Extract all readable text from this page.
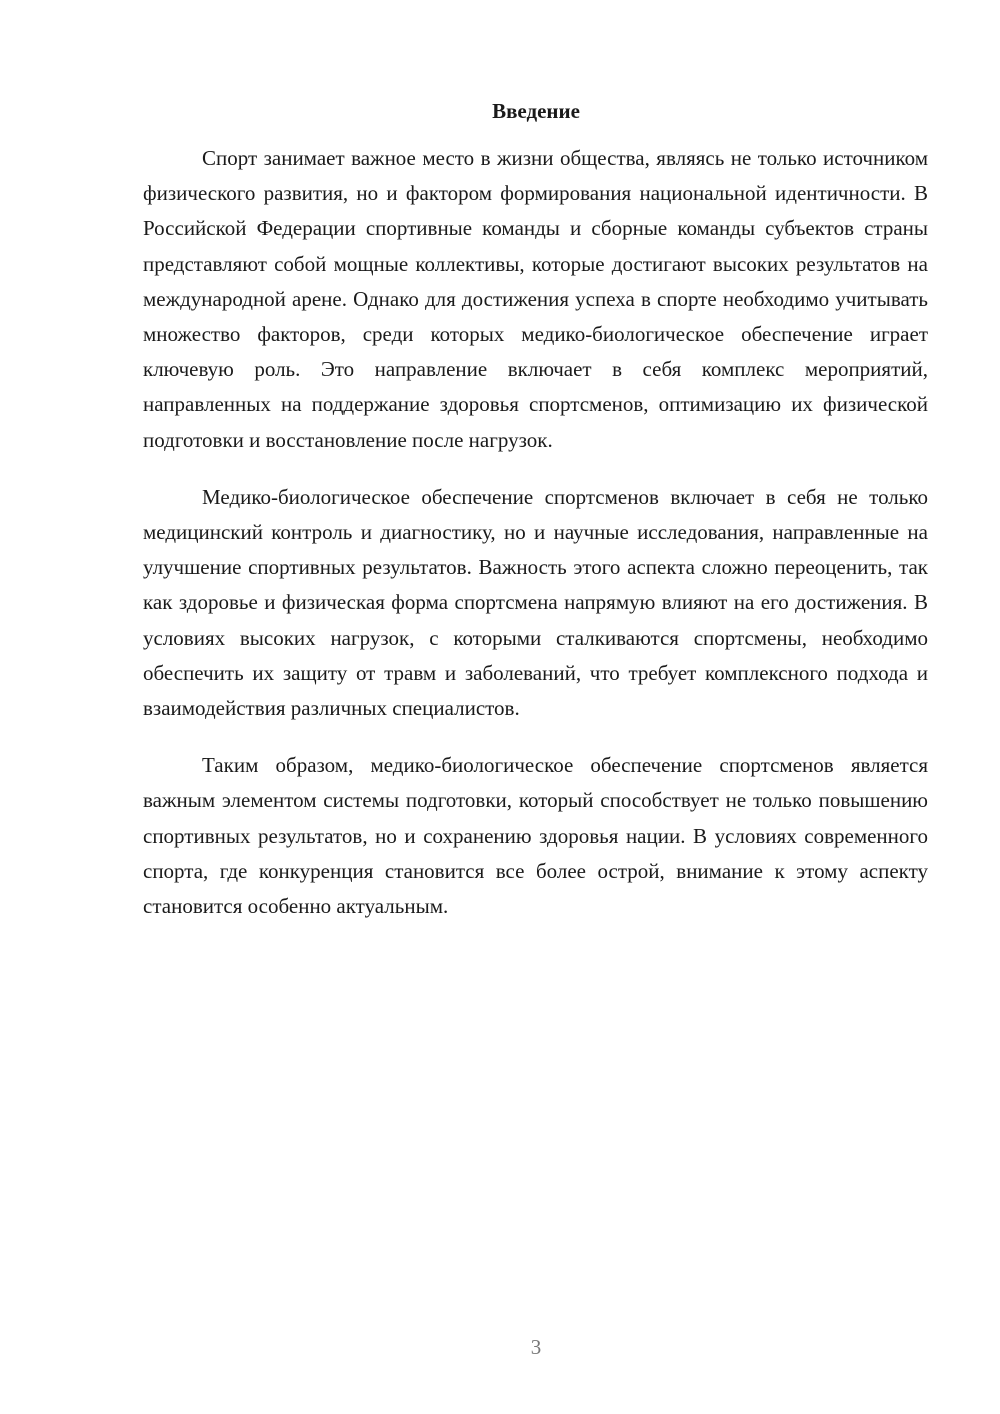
Введение

Спорт занимает важное место в жизни общества, являясь не только источником физического развития, но и фактором формирования национальной идентичности. В Российской Федерации спортивные команды и сборные команды субъектов страны представляют собой мощные коллективы, которые достигают высоких результатов на международной арене. Однако для достижения успеха в спорте необходимо учитывать множество факторов, среди которых медико-биологическое обеспечение играет ключевую роль. Это направление включает в себя комплекс мероприятий, направленных на поддержание здоровья спортсменов, оптимизацию их физической подготовки и восстановление после нагрузок.

Медико-биологическое обеспечение спортсменов включает в себя не только медицинский контроль и диагностику, но и научные исследования, направленные на улучшение спортивных результатов. Важность этого аспекта сложно переоценить, так как здоровье и физическая форма спортсмена напрямую влияют на его достижения. В условиях высоких нагрузок, с которыми сталкиваются спортсмены, необходимо обеспечить их защиту от травм и заболеваний, что требует комплексного подхода и взаимодействия различных специалистов.

Таким образом, медико-биологическое обеспечение спортсменов является важным элементом системы подготовки, который способствует не только повышению спортивных результатов, но и сохранению здоровья нации. В условиях современного спорта, где конкуренция становится все более острой, внимание к этому аспекту становится особенно актуальным.

3
